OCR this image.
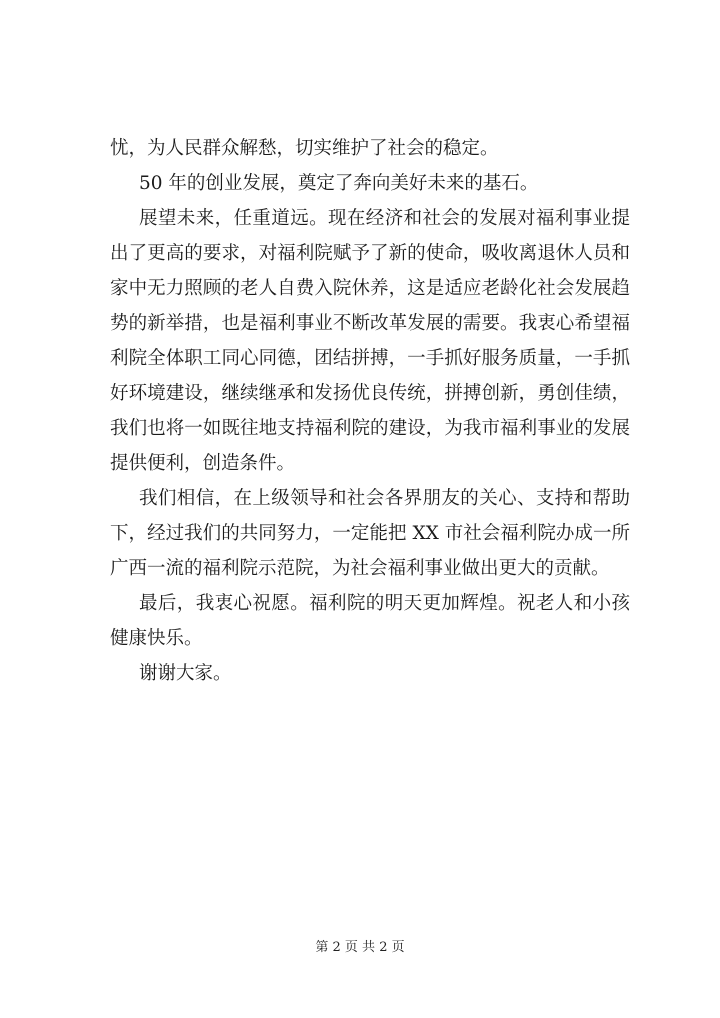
忧，为人民群众解愁，切实维护了社会的稳定。
50 年的创业发展，奠定了奔向美好未来的基石。
展望未来，任重道远。现在经济和社会的发展对福利事业提
出了更高的要求，对福利院赋予了新的使命，吸收离退休人员和
家中无力照顾的老人自费入院休养，这是适应老龄化社会发展趋
势的新举措，也是福利事业不断改革发展的需要。我衷心希望福
利院全体职工同心同德，团结拼搏，一手抓好服务质量，一手抓
好环境建设，继续继承和发扬优良传统，拼搏创新，勇创佳绩，
我们也将一如既往地支持福利院的建设，为我市福利事业的发展
提供便利，创造条件。
我们相信，在上级领导和社会各界朋友的关心、支持和帮助
下，经过我们的共同努力，一定能把 XX 市社会福利院办成一所
广西一流的福利院示范院，为社会福利事业做出更大的贡献。
最后，我衷心祝愿。福利院的明天更加辉煌。祝老人和小孩
健康快乐。
谢谢大家。
第 2 页 共 2 页
